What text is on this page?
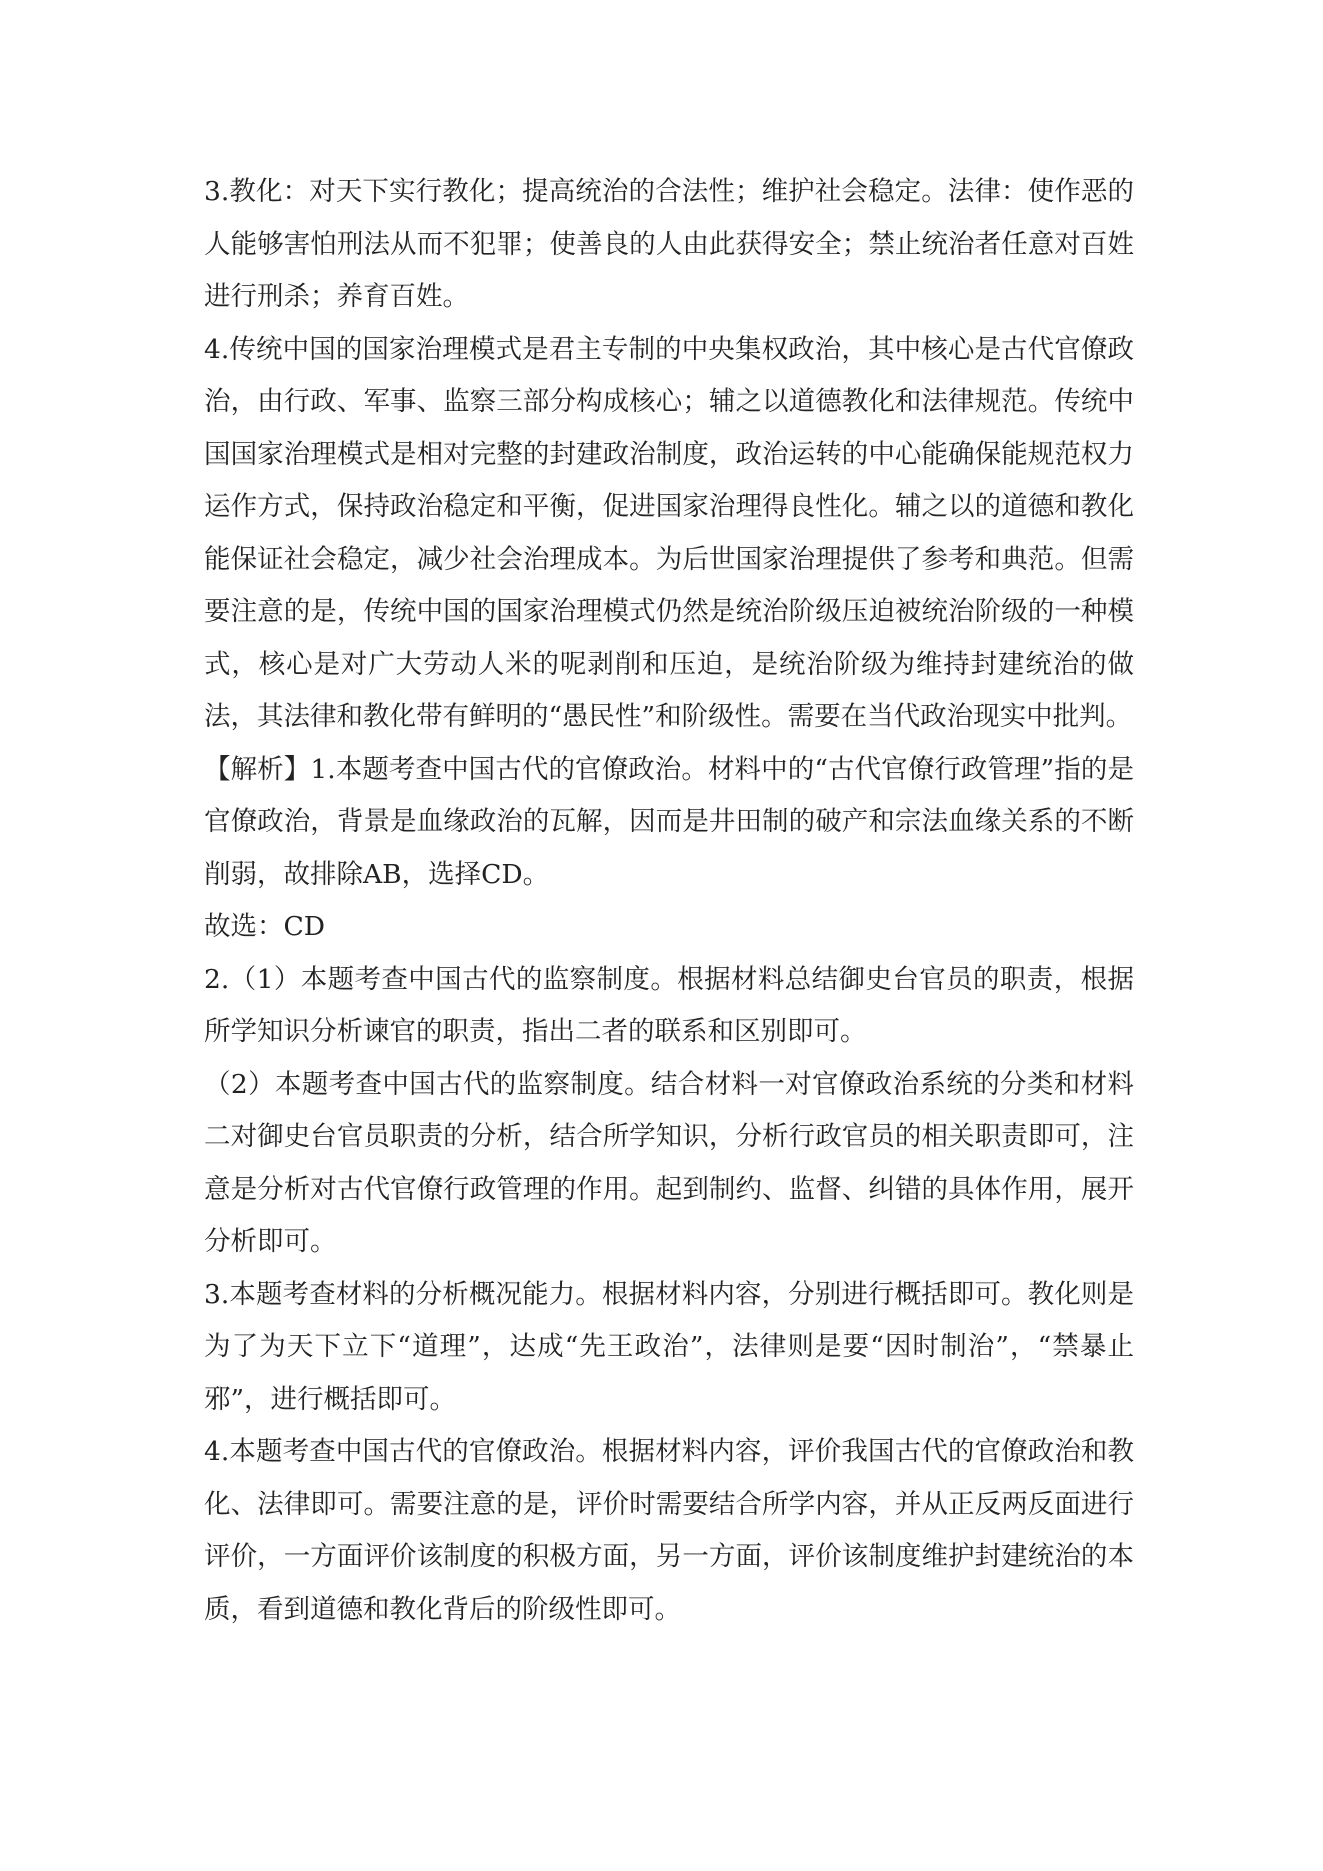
3.教化：对天下实行教化；提高统治的合法性；维护社会稳定。法律：使作恶的人能够害怕刑法从而不犯罪；使善良的人由此获得安全；禁止统治者任意对百姓进行刑杀；养育百姓。

4.传统中国的国家治理模式是君主专制的中央集权政治，其中核心是古代官僚政治，由行政、军事、监察三部分构成核心；辅之以道德教化和法律规范。传统中国国家治理模式是相对完整的封建政治制度，政治运转的中心能确保能规范权力运作方式，保持政治稳定和平衡，促进国家治理得良性化。辅之以的道德和教化能保证社会稳定，减少社会治理成本。为后世国家治理提供了参考和典范。但需要注意的是，传统中国的国家治理模式仍然是统治阶级压迫被统治阶级的一种模式，核心是对广大劳动人米的呢剥削和压迫，是统治阶级为维持封建统治的做法，其法律和教化带有鲜明的“愚民性”和阶级性。需要在当代政治现实中批判。

【解析】1.本题考查中国古代的官僚政治。材料中的“古代官僚行政管理”指的是官僚政治，背景是血缘政治的瓦解，因而是井田制的破产和宗法血缘关系的不断削弱，故排除AB，选择CD。

故选：CD

2.（1）本题考查中国古代的监察制度。根据材料总结御史台官员的职责，根据所学知识分析谏官的职责，指出二者的联系和区别即可。

（2）本题考查中国古代的监察制度。结合材料一对官僚政治系统的分类和材料二对御史台官员职责的分析，结合所学知识，分析行政官员的相关职责即可，注意是分析对古代官僚行政管理的作用。起到制约、监督、纠错的具体作用，展开分析即可。

3.本题考查材料的分析概况能力。根据材料内容，分别进行概括即可。教化则是为了为天下立下“道理”，达成“先王政治”，法律则是要“因时制治”，“禁暴止邪”，进行概括即可。

4.本题考查中国古代的官僚政治。根据材料内容，评价我国古代的官僚政治和教化、法律即可。需要注意的是，评价时需要结合所学内容，并从正反两反面进行评价，一方面评价该制度的积极方面，另一方面，评价该制度维护封建统治的本质，看到道德和教化背后的阶级性即可。
